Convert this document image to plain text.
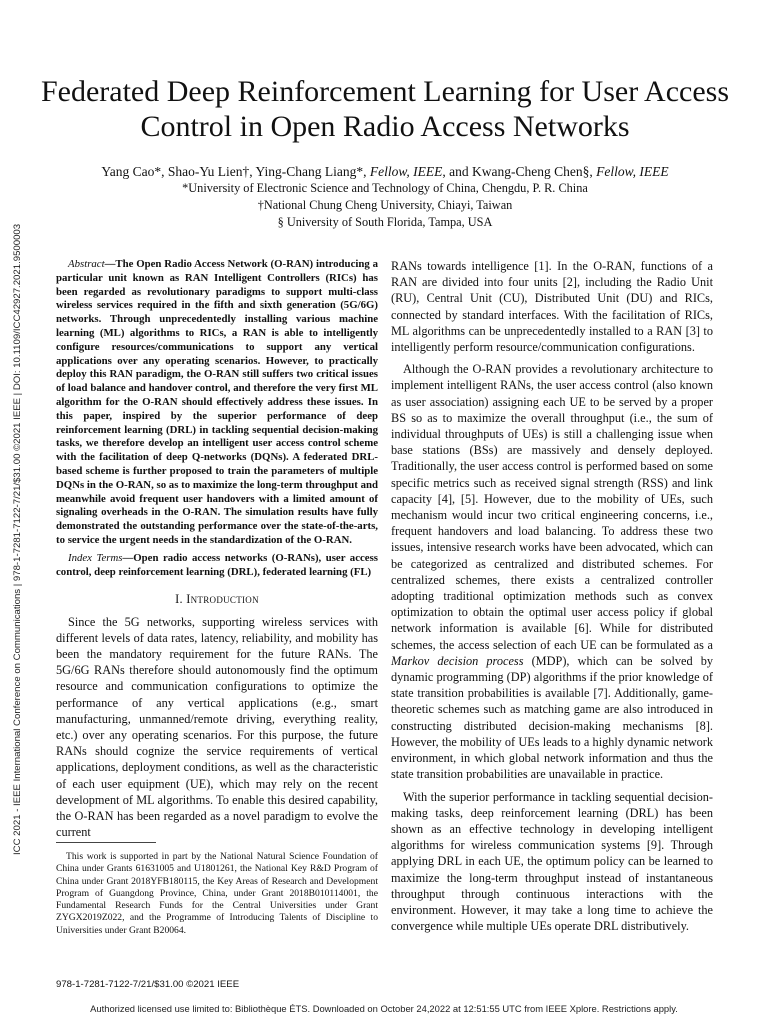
ICC 2021 - IEEE International Conference on Communications | 978-1-7281-7122-7/21/$31.00 ©2021 IEEE | DOI: 10.1109/ICC42927.2021.9500003
Federated Deep Reinforcement Learning for User Access Control in Open Radio Access Networks
Yang Cao*, Shao-Yu Lien†, Ying-Chang Liang*, Fellow, IEEE, and Kwang-Cheng Chen§, Fellow, IEEE
*University of Electronic Science and Technology of China, Chengdu, P. R. China
†National Chung Cheng University, Chiayi, Taiwan
§ University of South Florida, Tampa, USA

Abstract—The Open Radio Access Network (O-RAN) introducing a particular unit known as RAN Intelligent Controllers (RICs) has been regarded as revolutionary paradigms to support multi-class wireless services required in the fifth and sixth generation (5G/6G) networks. Through unprecedentedly installing various machine learning (ML) algorithms to RICs, a RAN is able to intelligently configure resources/communications to support any vertical applications over any operating scenarios. However, to practically deploy this RAN paradigm, the O-RAN still suffers two critical issues of load balance and handover control, and therefore the very first ML algorithm for the O-RAN should effectively address these issues. In this paper, inspired by the superior performance of deep reinforcement learning (DRL) in tackling sequential decision-making tasks, we therefore develop an intelligent user access control scheme with the facilitation of deep Q-networks (DQNs). A federated DRL-based scheme is further proposed to train the parameters of multiple DQNs in the O-RAN, so as to maximize the long-term throughput and meanwhile avoid frequent user handovers with a limited amount of signaling overheads in the O-RAN. The simulation results have fully demonstrated the outstanding performance over the state-of-the-arts, to service the urgent needs in the standardization of the O-RAN.

Index Terms—Open radio access networks (O-RANs), user access control, deep reinforcement learning (DRL), federated learning (FL)

I. Introduction

Since the 5G networks, supporting wireless services with different levels of data rates, latency, reliability, and mobility has been the mandatory requirement for the future RANs. The 5G/6G RANs therefore should autonomously find the optimum resource and communication configurations to optimize the performance of any vertical applications (e.g., smart manufacturing, unmanned/remote driving, everything reality, etc.) over any operating scenarios. For this purpose, the future RANs should cognize the service requirements of vertical applications, deployment conditions, as well as the characteristic of each user equipment (UE), which may rely on the recent development of ML algorithms. To enable this desired capability, the O-RAN has been regarded as a novel paradigm to evolve the current

RANs towards intelligence [1]. In the O-RAN, functions of a RAN are divided into four units [2], including the Radio Unit (RU), Central Unit (CU), Distributed Unit (DU) and RICs, connected by standard interfaces. With the facilitation of RICs, ML algorithms can be unprecedentedly installed to a RAN [3] to intelligently perform resource/communication configurations.

Although the O-RAN provides a revolutionary architecture to implement intelligent RANs, the user access control (also known as user association) assigning each UE to be served by a proper BS so as to maximize the overall throughput (i.e., the sum of individual throughputs of UEs) is still a challenging issue when base stations (BSs) are massively and densely deployed. Traditionally, the user access control is performed based on some specific metrics such as received signal strength (RSS) and link capacity [4], [5]. However, due to the mobility of UEs, such mechanism would incur two critical engineering concerns, i.e., frequent handovers and load balancing. To address these two issues, intensive research works have been advocated, which can be categorized as centralized and distributed schemes. For centralized schemes, there exists a centralized controller adopting traditional optimization methods such as convex optimization to obtain the optimal user access policy if global network information is available [6]. While for distributed schemes, the access selection of each UE can be formulated as a Markov decision process (MDP), which can be solved by dynamic programming (DP) algorithms if the prior knowledge of state transition probabilities is available [7]. Additionally, game-theoretic schemes such as matching game are also introduced in constructing distributed decision-making mechanisms [8]. However, the mobility of UEs leads to a highly dynamic network environment, in which global network information and thus the state transition probabilities are unavailable in practice.

With the superior performance in tackling sequential decision-making tasks, deep reinforcement learning (DRL) has been shown as an effective technology in developing intelligent algorithms for wireless communication systems [9]. Through applying DRL in each UE, the optimum policy can be learned to maximize the long-term throughput instead of instantaneous throughput through continuous interactions with the environment. However, it may take a long time to achieve the convergence while multiple UEs operate DRL distributively.

This work is supported in part by the National Natural Science Foundation of China under Grants 61631005 and U1801261, the National Key R&D Program of China under Grant 2018YFB180115, the Key Areas of Research and Development Program of Guangdong Province, China, under Grant 2018B010114001, the Fundamental Research Funds for the Central Universities under Grant ZYGX2019Z022, and the Programme of Introducing Talents of Discipline to Universities under Grant B20064.
978-1-7281-7122-7/21/$31.00 ©2021 IEEE
Authorized licensed use limited to: Bibliothèque ÉTS. Downloaded on October 24,2022 at 12:51:55 UTC from IEEE Xplore. Restrictions apply.
